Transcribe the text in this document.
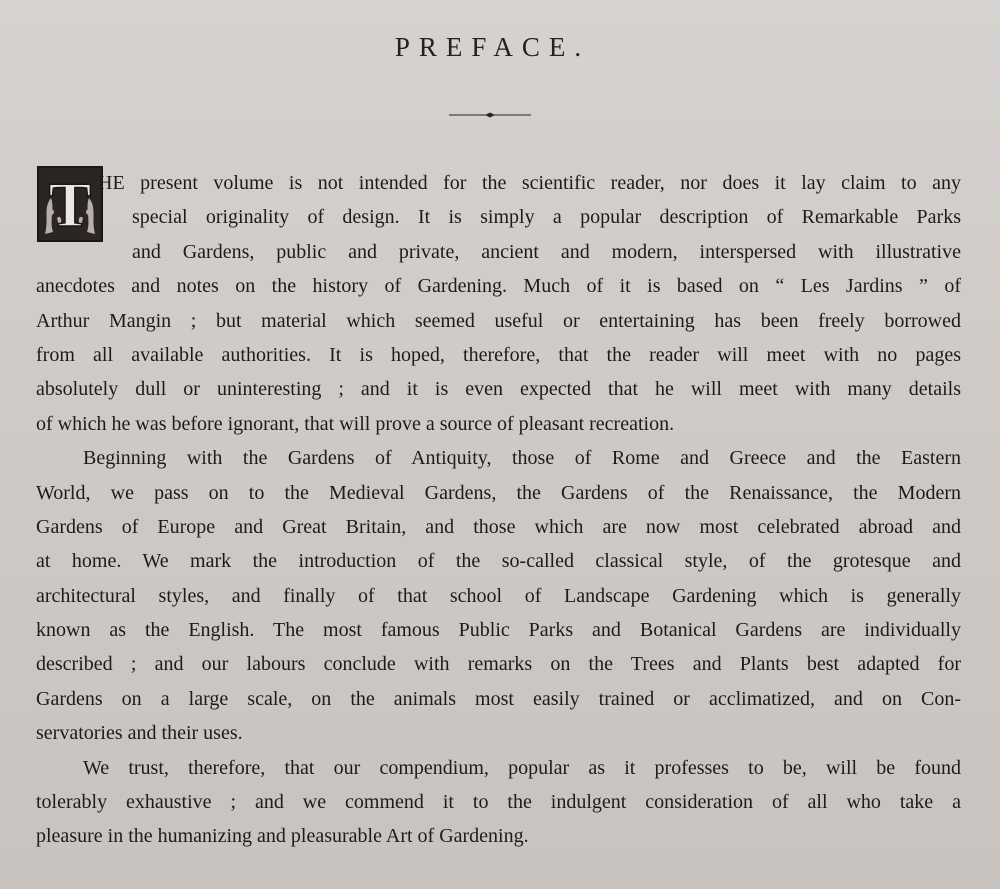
PREFACE.
T HE present volume is not intended for the scientific reader, nor does it lay claim to any
special originality of design. It is simply a popular description of Remarkable Parks
and Gardens, public and private, ancient and modern, interspersed with illustrative
anecdotes and notes on the history of Gardening. Much of it is based on “ Les Jardins ” of
Arthur Mangin ; but material which seemed useful or entertaining has been freely borrowed
from all available authorities. It is hoped, therefore, that the reader will meet with no pages
absolutely dull or uninteresting ; and it is even expected that he will meet with many details
of which he was before ignorant, that will prove a source of pleasant recreation.

Beginning with the Gardens of Antiquity, those of Rome and Greece and the Eastern
World, we pass on to the Medieval Gardens, the Gardens of the Renaissance, the Modern
Gardens of Europe and Great Britain, and those which are now most celebrated abroad and
at home. We mark the introduction of the so-called classical style, of the grotesque and
architectural styles, and finally of that school of Landscape Gardening which is generally
known as the English. The most famous Public Parks and Botanical Gardens are individually
described ; and our labours conclude with remarks on the Trees and Plants best adapted for
Gardens on a large scale, on the animals most easily trained or acclimatized, and on Con-
servatories and their uses.

We trust, therefore, that our compendium, popular as it professes to be, will be found
tolerably exhaustive ; and we commend it to the indulgent consideration of all who take a
pleasure in the humanizing and pleasurable Art of Gardening.
